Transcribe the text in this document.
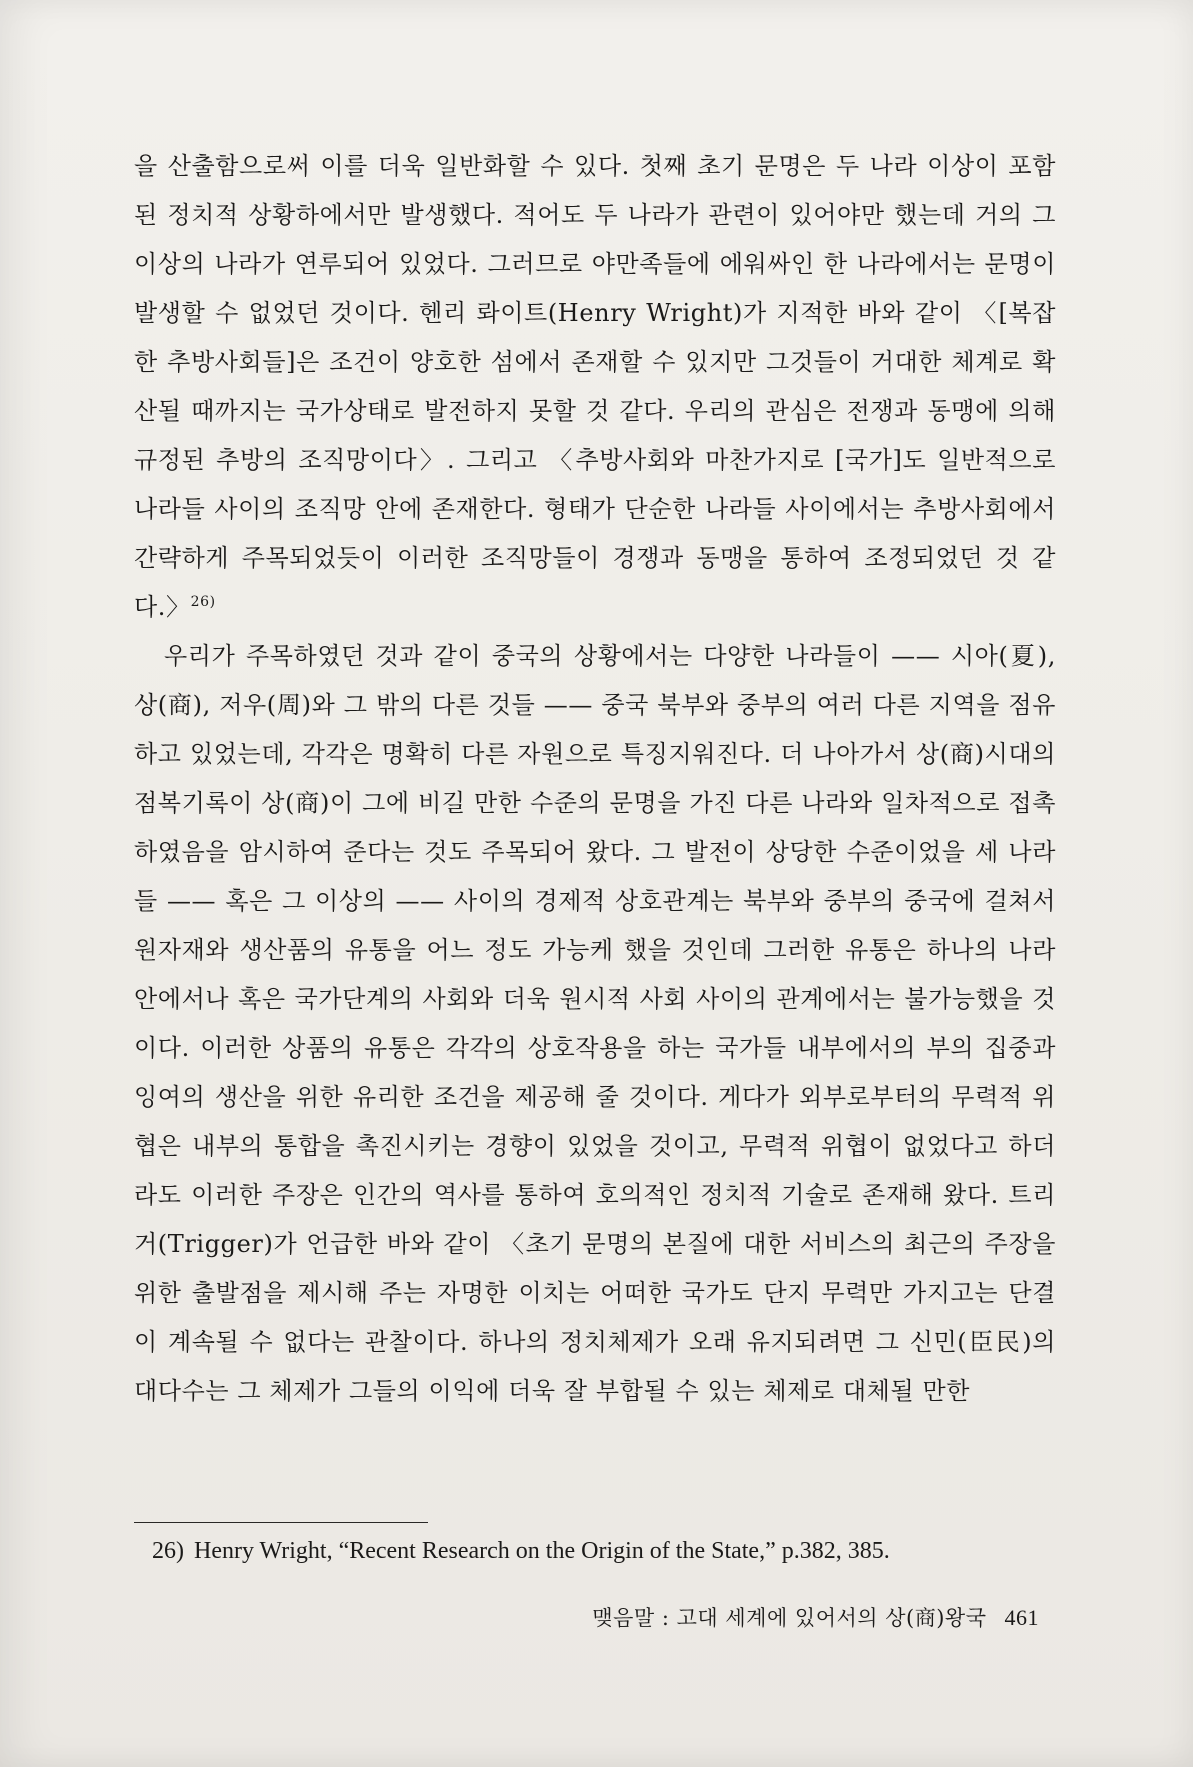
을 산출함으로써 이를 더욱 일반화할 수 있다. 첫째 초기 문명은 두 나라 이상이 포함된 정치적 상황하에서만 발생했다. 적어도 두 나라가 관련이 있어야만 했는데 거의 그 이상의 나라가 연루되어 있었다. 그러므로 야만족들에 에워싸인 한 나라에서는 문명이 발생할 수 없었던 것이다. 헨리 롸이트(Henry Wright)가 지적한 바와 같이 〈[복잡한 추방사회들]은 조건이 양호한 섬에서 존재할 수 있지만 그것들이 거대한 체계로 확산될 때까지는 국가상태로 발전하지 못할 것 같다. 우리의 관심은 전쟁과 동맹에 의해 규정된 추방의 조직망이다〉. 그리고 〈추방사회와 마찬가지로 [국가]도 일반적으로 나라들 사이의 조직망 안에 존재한다. 형태가 단순한 나라들 사이에서는 추방사회에서 간략하게 주목되었듯이 이러한 조직망들이 경쟁과 동맹을 통하여 조정되었던 것 같다.〉$^{26)}$

우리가 주목하였던 것과 같이 중국의 상황에서는 다양한 나라들이 —— 시아(夏), 상(商), 저우(周)와 그 밖의 다른 것들 —— 중국 북부와 중부의 여러 다른 지역을 점유하고 있었는데, 각각은 명확히 다른 자원으로 특징지워진다. 더 나아가서 상(商)시대의 점복기록이 상(商)이 그에 비길 만한 수준의 문명을 가진 다른 나라와 일차적으로 접촉하였음을 암시하여 준다는 것도 주목되어 왔다. 그 발전이 상당한 수준이었을 세 나라들 —— 혹은 그 이상의 —— 사이의 경제적 상호관계는 북부와 중부의 중국에 걸쳐서 원자재와 생산품의 유통을 어느 정도 가능케 했을 것인데 그러한 유통은 하나의 나라 안에서나 혹은 국가단계의 사회와 더욱 원시적 사회 사이의 관계에서는 불가능했을 것이다. 이러한 상품의 유통은 각각의 상호작용을 하는 국가들 내부에서의 부의 집중과 잉여의 생산을 위한 유리한 조건을 제공해 줄 것이다. 게다가 외부로부터의 무력적 위협은 내부의 통합을 촉진시키는 경향이 있었을 것이고, 무력적 위협이 없었다고 하더라도 이러한 주장은 인간의 역사를 통하여 호의적인 정치적 기술로 존재해 왔다. 트리거(Trigger)가 언급한 바와 같이 〈초기 문명의 본질에 대한 서비스의 최근의 주장을 위한 출발점을 제시해 주는 자명한 이치는 어떠한 국가도 단지 무력만 가지고는 단결이 계속될 수 없다는 관찰이다. 하나의 정치체제가 오래 유지되려면 그 신민(臣民)의 대다수는 그 체제가 그들의 이익에 더욱 잘 부합될 수 있는 체제로 대체될 만한

26) Henry Wright, “Recent Research on the Origin of the State,” p.382, 385.
맺음말 : 고대 세계에 있어서의 상(商)왕국 461
